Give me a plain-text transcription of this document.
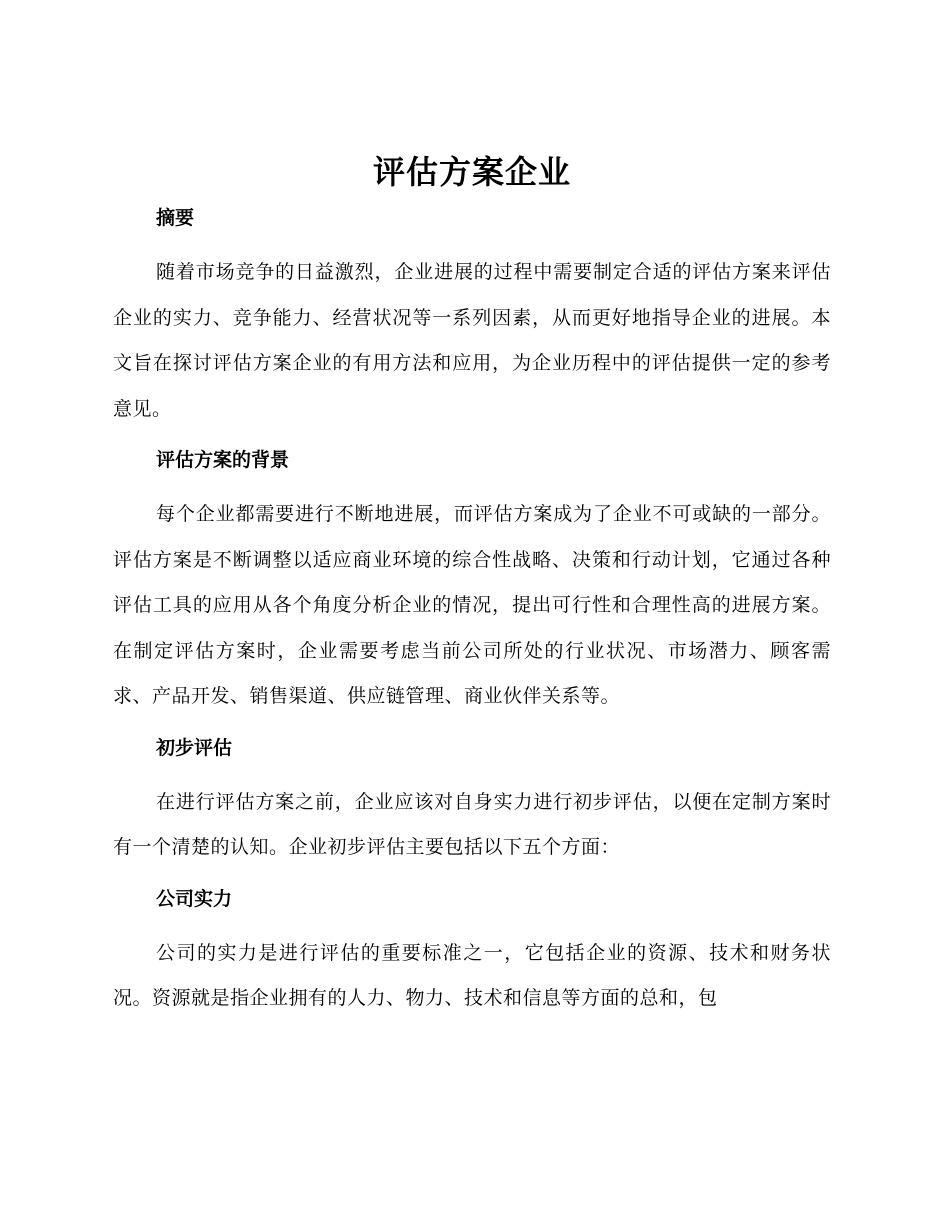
评估方案企业
摘要

随着市场竞争的日益激烈，企业进展的过程中需要制定合适的评估方案来评估企业的实力、竞争能力、经营状况等一系列因素，从而更好地指导企业的进展。本文旨在探讨评估方案企业的有用方法和应用，为企业历程中的评估提供一定的参考意见。

评估方案的背景

每个企业都需要进行不断地进展，而评估方案成为了企业不可或缺的一部分。评估方案是不断调整以适应商业环境的综合性战略、决策和行动计划，它通过各种评估工具的应用从各个角度分析企业的情况，提出可行性和合理性高的进展方案。在制定评估方案时，企业需要考虑当前公司所处的行业状况、市场潜力、顾客需求、产品开发、销售渠道、供应链管理、商业伙伴关系等。

初步评估

在进行评估方案之前，企业应该对自身实力进行初步评估，以便在定制方案时有一个清楚的认知。企业初步评估主要包括以下五个方面：

公司实力

公司的实力是进行评估的重要标准之一，它包括企业的资源、技术和财务状况。资源就是指企业拥有的人力、物力、技术和信息等方面的总和，包
